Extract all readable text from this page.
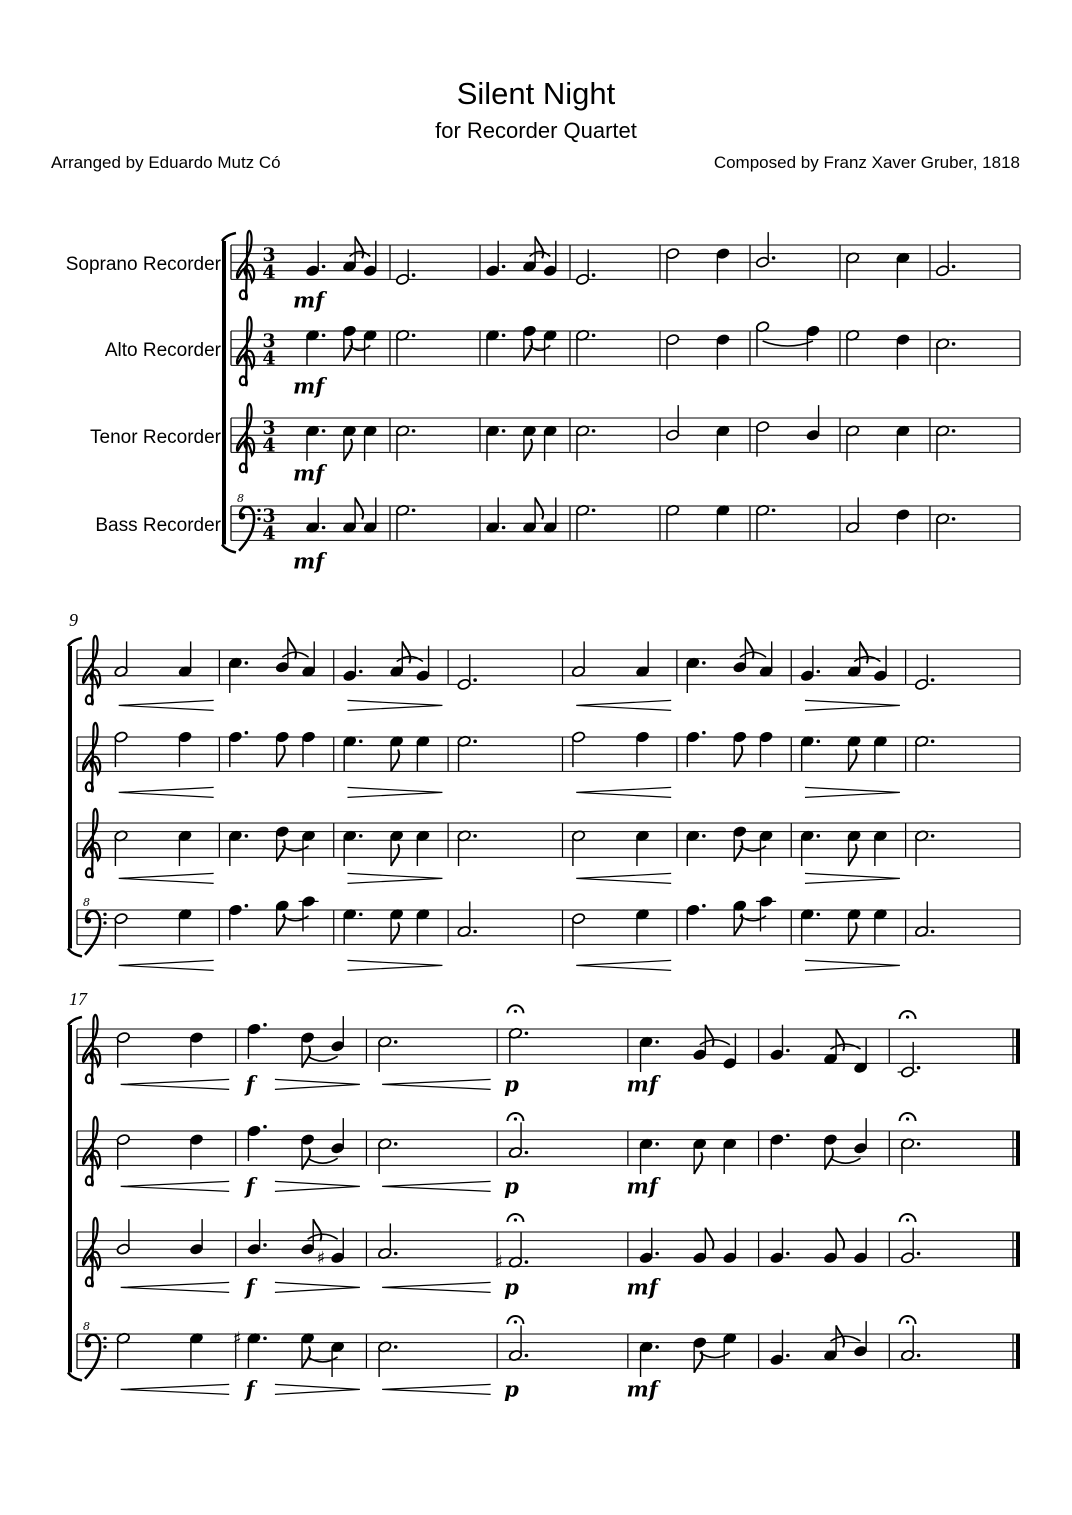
Silent Night
for Recorder Quartet
Arranged by Eduardo Mutz Có	Composed by Franz Xaver Gruber, 1818
Soprano Recorder 3
4
mf
Alto Recorder 3
4
mf
Tenor Recorder 3
4
mf
8
Bass Recorder 3
4
mf
9
8
17
f	p	mf
f	p	mf
♯	♯
f	p	mf
8
♯
f	p	mf
